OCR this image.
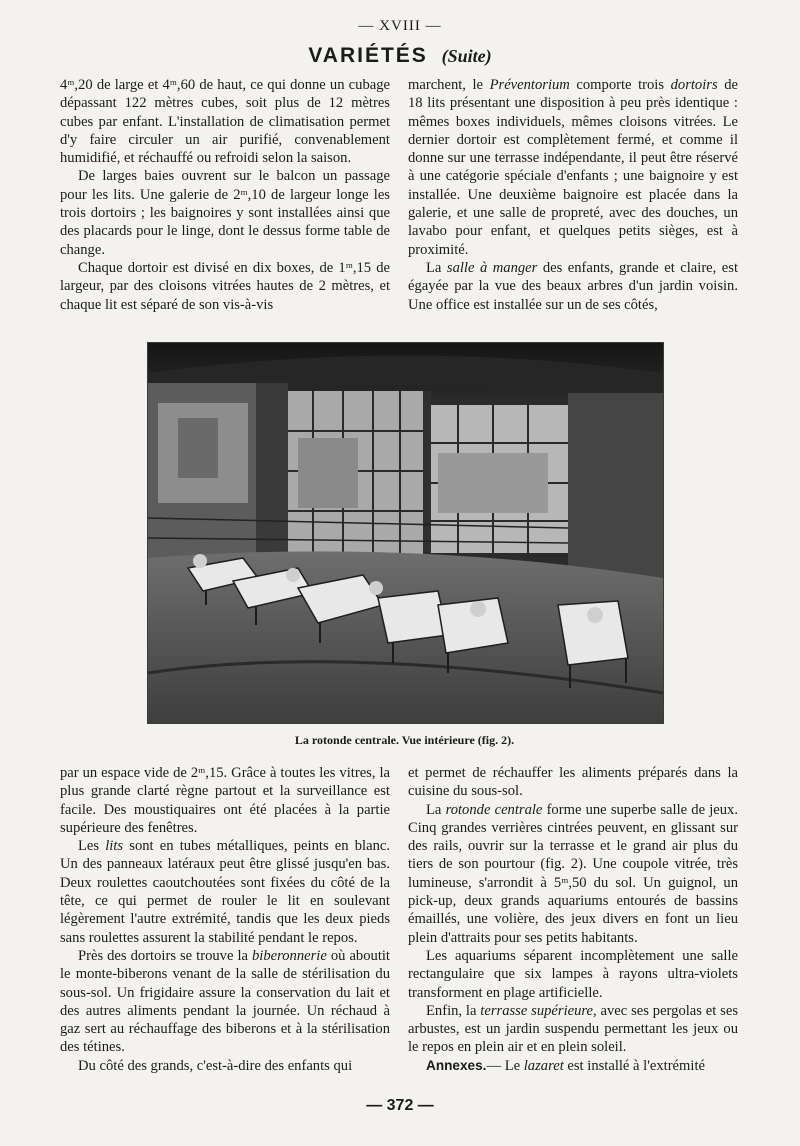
— XVIII —
VARIÉTÉS (Suite)

4ᵐ,20 de large et 4ᵐ,60 de haut, ce qui donne un cubage dépassant 122 mètres cubes, soit plus de 12 mètres cubes par enfant. L'installation de climatisation permet d'y faire circuler un air purifié, convenablement humidifié, et réchauffé ou refroidi selon la saison.

De larges baies ouvrent sur le balcon un passage pour les lits. Une galerie de 2ᵐ,10 de largeur longe les trois dortoirs ; les baignoires y sont installées ainsi que des placards pour le linge, dont le dessus forme table de change.

Chaque dortoir est divisé en dix boxes, de 1ᵐ,15 de largeur, par des cloisons vitrées hautes de 2 mètres, et chaque lit est séparé de son vis-à-vis

marchent, le Préventorium comporte trois dortoirs de 18 lits présentant une disposition à peu près identique : mêmes boxes individuels, mêmes cloisons vitrées. Le dernier dortoir est complètement fermé, et comme il donne sur une terrasse indépendante, il peut être réservé à une catégorie spéciale d'enfants ; une baignoire y est installée. Une deuxième baignoire est placée dans la galerie, et une salle de propreté, avec des douches, un lavabo pour enfant, et quelques petits sièges, est à proximité.

La salle à manger des enfants, grande et claire, est égayée par la vue des beaux arbres d'un jardin voisin. Une office est installée sur un de ses côtés,

La rotonde centrale. Vue intérieure (fig. 2).

par un espace vide de 2ᵐ,15. Grâce à toutes les vitres, la plus grande clarté règne partout et la surveillance est facile. Des moustiquaires ont été placées à la partie supérieure des fenêtres.

Les lits sont en tubes métalliques, peints en blanc. Un des panneaux latéraux peut être glissé jusqu'en bas. Deux roulettes caoutchoutées sont fixées du côté de la tête, ce qui permet de rouler le lit en soulevant légèrement l'autre extrémité, tandis que les deux pieds sans roulettes assurent la stabilité pendant le repos.

Près des dortoirs se trouve la biberonnerie où aboutit le monte-biberons venant de la salle de stérilisation du sous-sol. Un frigidaire assure la conservation du lait et des autres aliments pendant la journée. Un réchaud à gaz sert au réchauffage des biberons et à la stérilisation des tétines.

Du côté des grands, c'est-à-dire des enfants qui

et permet de réchauffer les aliments préparés dans la cuisine du sous-sol.

La rotonde centrale forme une superbe salle de jeux. Cinq grandes verrières cintrées peuvent, en glissant sur des rails, ouvrir sur la terrasse et le grand air plus du tiers de son pourtour (fig. 2). Une coupole vitrée, très lumineuse, s'arrondit à 5ᵐ,50 du sol. Un guignol, un pick-up, deux grands aquariums entourés de bassins émaillés, une volière, des jeux divers en font un lieu plein d'attraits pour ses petits habitants.

Les aquariums séparent incomplètement une salle rectangulaire que six lampes à rayons ultra-violets transforment en plage artificielle.

Enfin, la terrasse supérieure, avec ses pergolas et ses arbustes, est un jardin suspendu permettant les jeux ou le repos en plein air et en plein soleil.

Annexes.— Le lazaret est installé à l'extrémité

— 372 —
